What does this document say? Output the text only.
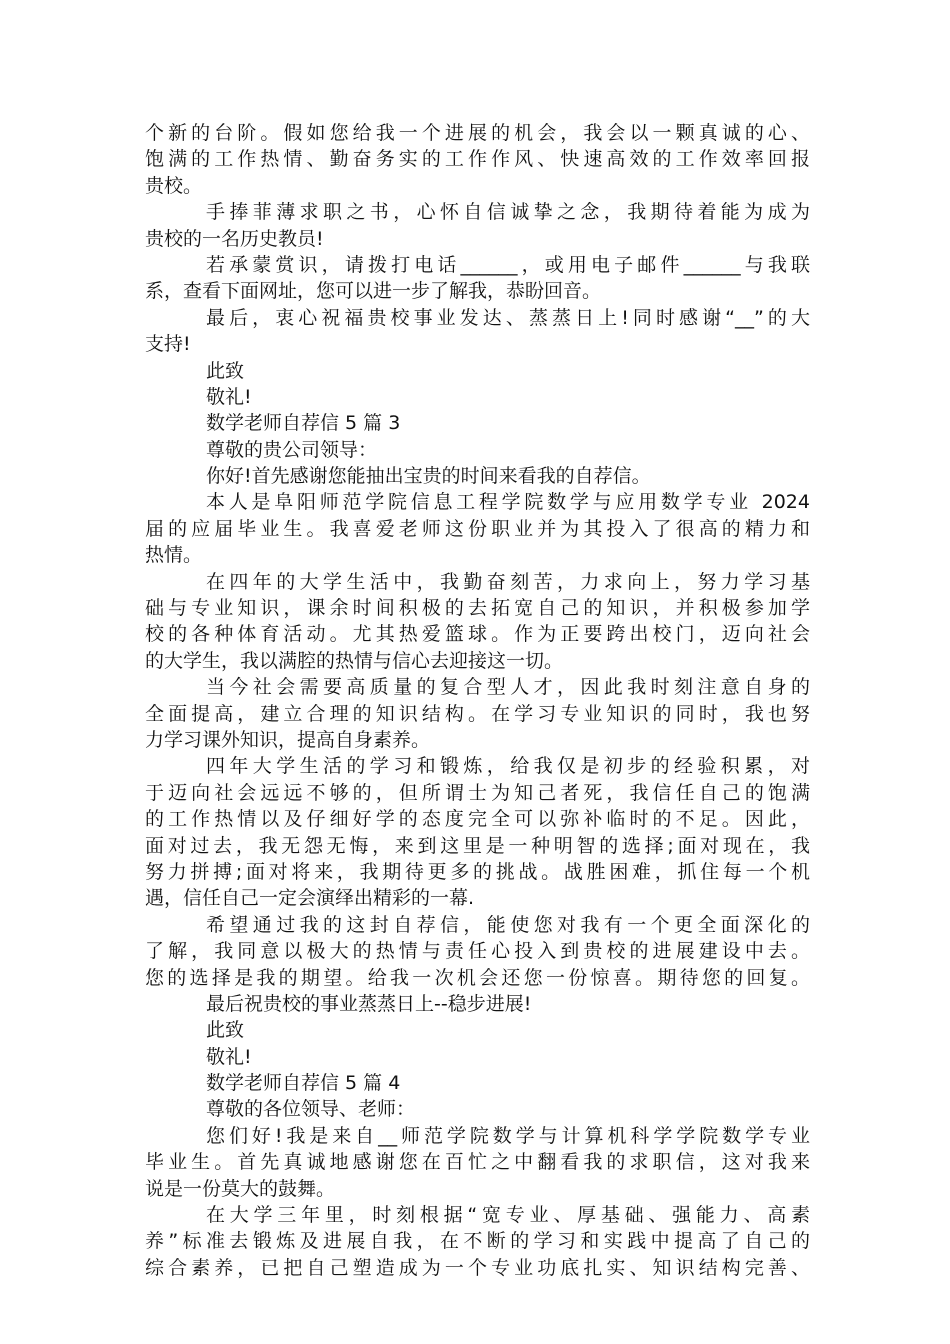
个新的台阶。假如您给我一个进展的机会，我会以一颗真诚的心、
饱满的工作热情、勤奋务实的工作作风、快速高效的工作效率回报
贵校。
手捧菲薄求职之书，心怀自信诚挚之念，我期待着能为成为
贵校的一名历史教员!
若承蒙赏识，请拨打电话______，或用电子邮件______与我联
系，查看下面网址，您可以进一步了解我，恭盼回音。
最后，衷心祝福贵校事业发达、蒸蒸日上!同时感谢“__”的大
支持!
此致
敬礼!
数学老师自荐信 5 篇 3
尊敬的贵公司领导：
你好!首先感谢您能抽出宝贵的时间来看我的自荐信。
本人是阜阳师范学院信息工程学院数学与应用数学专业 2024
届的应届毕业生。我喜爱老师这份职业并为其投入了很高的精力和
热情。
在四年的大学生活中，我勤奋刻苦，力求向上，努力学习基
础与专业知识，课余时间积极的去拓宽自己的知识，并积极参加学
校的各种体育活动。尤其热爱篮球。作为正要跨出校门，迈向社会
的大学生，我以满腔的热情与信心去迎接这一切。
当今社会需要高质量的复合型人才，因此我时刻注意自身的
全面提高，建立合理的知识结构。在学习专业知识的同时，我也努
力学习课外知识，提高自身素养。
四年大学生活的学习和锻炼，给我仅是初步的经验积累，对
于迈向社会远远不够的，但所谓士为知己者死，我信任自己的饱满
的工作热情以及仔细好学的态度完全可以弥补临时的不足。因此，
面对过去，我无怨无悔，来到这里是一种明智的选择;面对现在，我
努力拼搏;面对将来，我期待更多的挑战。战胜困难，抓住每一个机
遇，信任自己一定会演绎出精彩的一幕.
希望通过我的这封自荐信，能使您对我有一个更全面深化的
了解，我同意以极大的热情与责任心投入到贵校的进展建设中去。
您的选择是我的期望。给我一次机会还您一份惊喜。期待您的回复。
最后祝贵校的事业蒸蒸日上--稳步进展!
此致
敬礼!
数学老师自荐信 5 篇 4
尊敬的各位领导、老师：
您们好!我是来自__师范学院数学与计算机科学学院数学专业
毕业生。首先真诚地感谢您在百忙之中翻看我的求职信，这对我来
说是一份莫大的鼓舞。
在大学三年里，时刻根据“宽专业、厚基础、强能力、高素
养”标准去锻炼及进展自我，在不断的学习和实践中提高了自己的
综合素养，已把自己塑造成为一个专业功底扎实、知识结构完善、
